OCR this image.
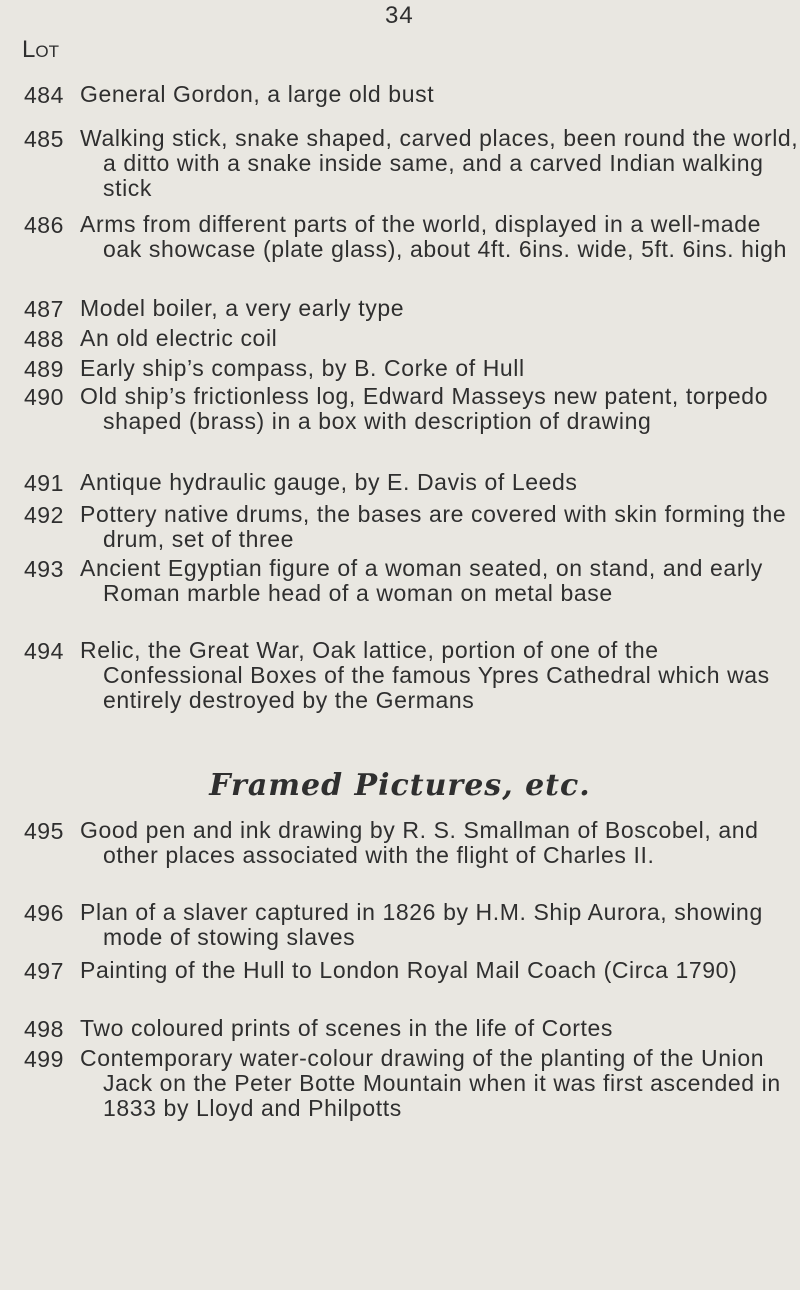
34
Lot
484 General Gordon, a large old bust
485 Walking stick, snake shaped, carved places, been round the world, a ditto with a snake inside same, and a carved Indian walking stick
486 Arms from different parts of the world, displayed in a well-made oak showcase (plate glass), about 4ft. 6ins. wide, 5ft. 6ins. high
487 Model boiler, a very early type
488 An old electric coil
489 Early ship’s compass, by B. Corke of Hull
490 Old ship’s frictionless log, Edward Masseys new patent, torpedo shaped (brass) in a box with description of drawing
491 Antique hydraulic gauge, by E. Davis of Leeds
492 Pottery native drums, the bases are covered with skin forming the drum, set of three
493 Ancient Egyptian figure of a woman seated, on stand, and early Roman marble head of a woman on metal base
494 Relic, the Great War, Oak lattice, portion of one of the Confessional Boxes of the famous Ypres Cathedral which was entirely destroyed by the Germans
Framed Pictures, etc.
495 Good pen and ink drawing by R. S. Smallman of Boscobel, and other places associated with the flight of Charles II.
496 Plan of a slaver captured in 1826 by H.M. Ship Aurora, showing mode of stowing slaves
497 Painting of the Hull to London Royal Mail Coach (Circa 1790)
498 Two coloured prints of scenes in the life of Cortes
499 Contemporary water-colour drawing of the planting of the Union Jack on the Peter Botte Mountain when it was first ascended in 1833 by Lloyd and Philpotts
